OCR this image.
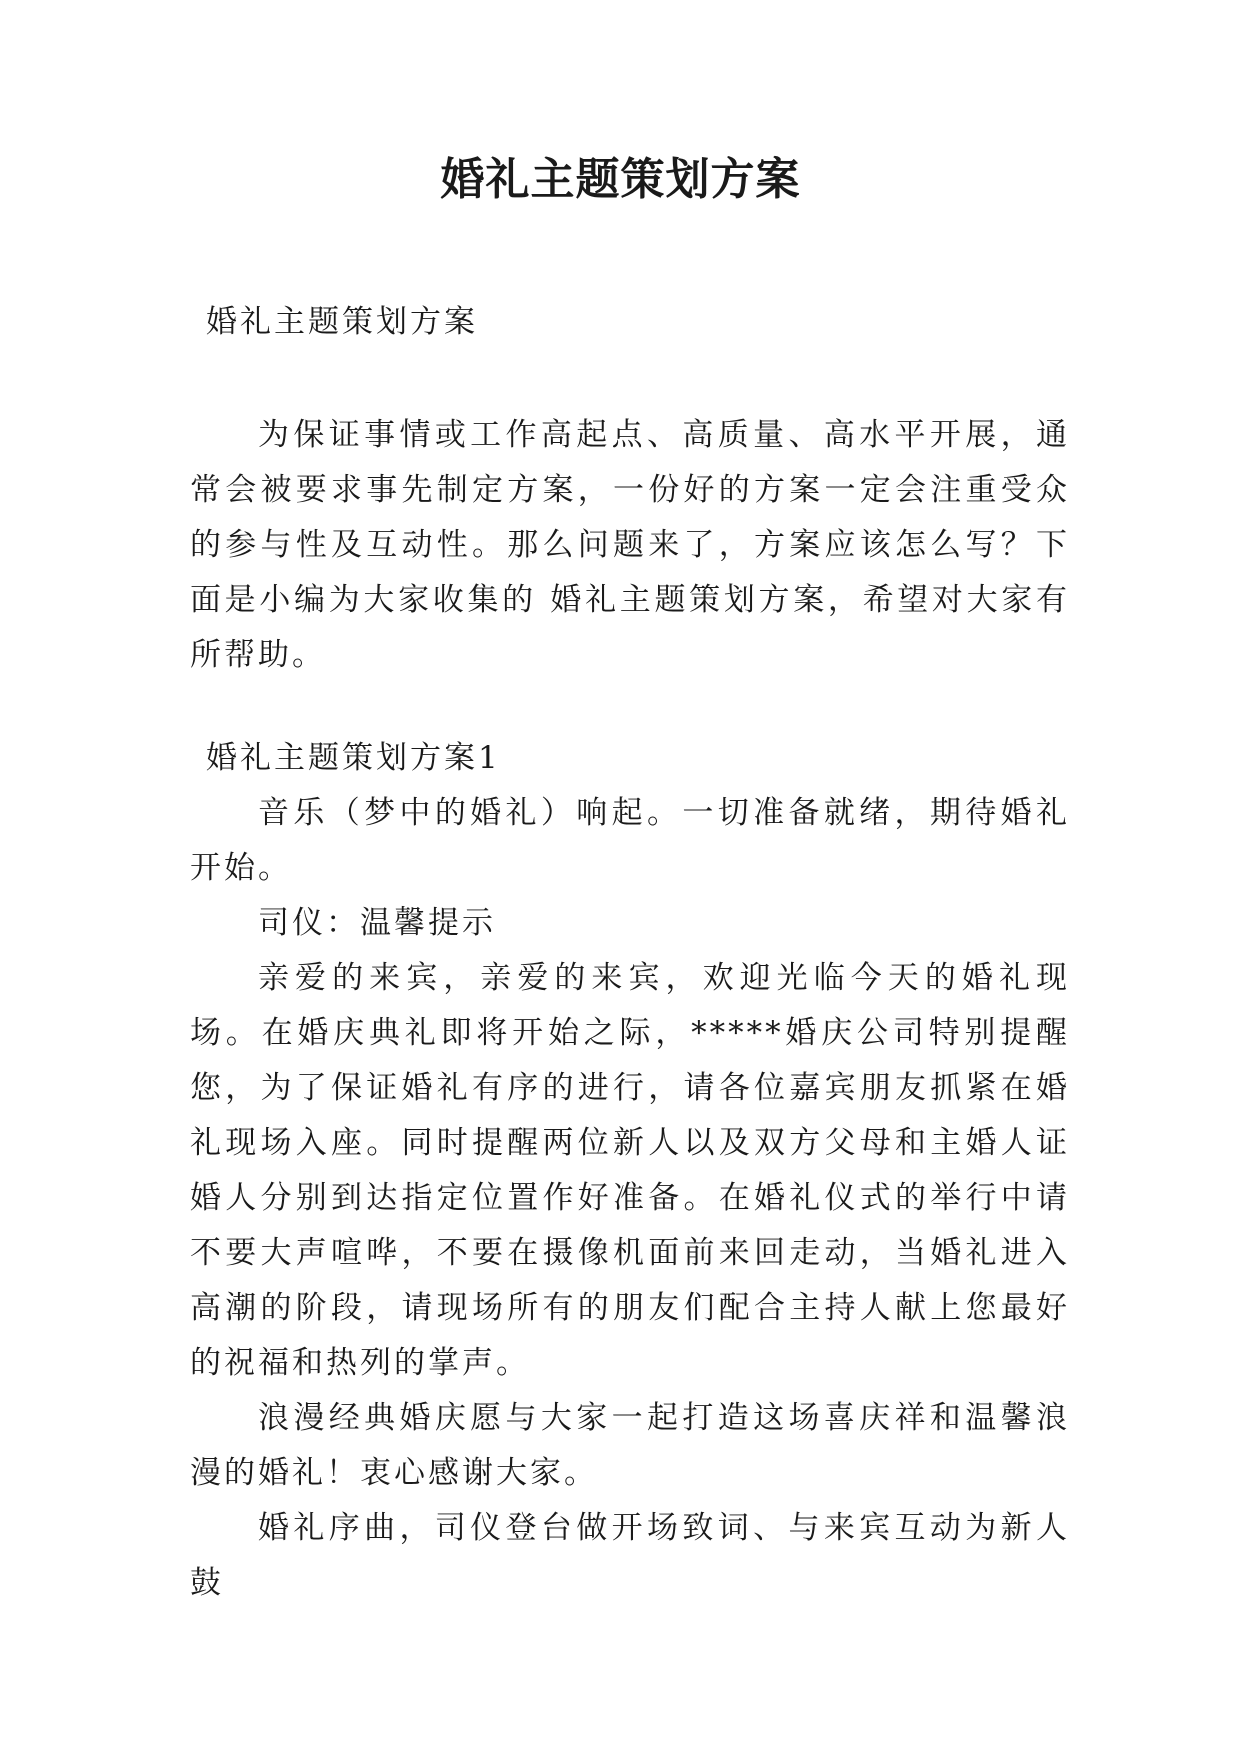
婚礼主题策划方案

婚礼主题策划方案

为保证事情或工作高起点、高质量、高水平开展，通常会被要求事先制定方案，一份好的方案一定会注重受众的参与性及互动性。那么问题来了，方案应该怎么写？下面是小编为大家收集的 婚礼主题策划方案，希望对大家有所帮助。

婚礼主题策划方案1

音乐（梦中的婚礼）响起。一切准备就绪，期待婚礼开始。

司仪：温馨提示

亲爱的来宾，亲爱的来宾，欢迎光临今天的婚礼现场。在婚庆典礼即将开始之际，*****婚庆公司特别提醒您，为了保证婚礼有序的进行，请各位嘉宾朋友抓紧在婚礼现场入座。同时提醒两位新人以及双方父母和主婚人证婚人分别到达指定位置作好准备。在婚礼仪式的举行中请不要大声喧哗，不要在摄像机面前来回走动，当婚礼进入高潮的阶段，请现场所有的朋友们配合主持人献上您最好的祝福和热列的掌声。

浪漫经典婚庆愿与大家一起打造这场喜庆祥和温馨浪漫的婚礼！衷心感谢大家。

婚礼序曲，司仪登台做开场致词、与来宾互动为新人鼓
